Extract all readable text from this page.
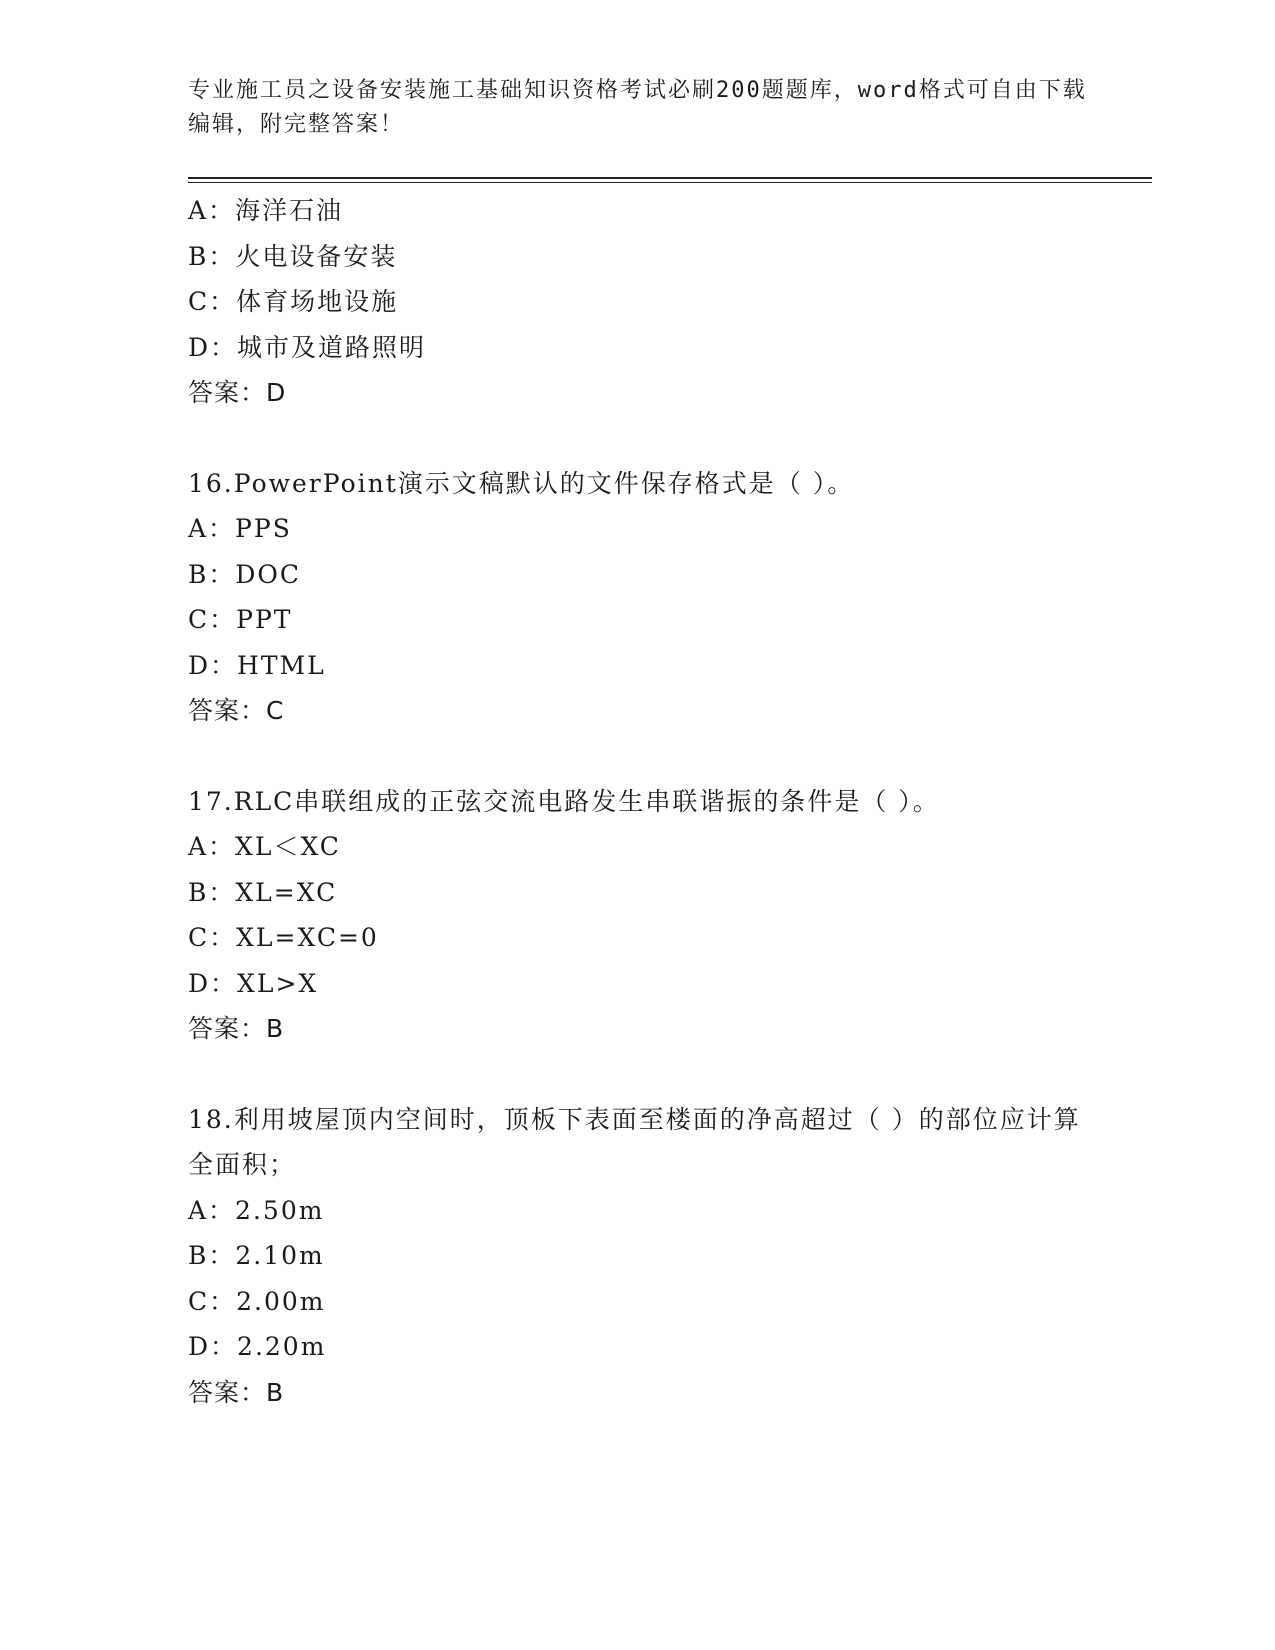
专业施工员之设备安装施工基础知识资格考试必刷200题题库，word格式可自由下载编辑，附完整答案！

A：海洋石油
B：火电设备安装
C：体育场地设施
D：城市及道路照明
答案：D
16.PowerPoint演示文稿默认的文件保存格式是（ ）。
A：PPS
B：DOC
C：PPT
D：HTML
答案：C
17.RLC串联组成的正弦交流电路发生串联谐振的条件是（ ）。
A：XL＜XC
B：XL=XC
C：XL=XC=0
D：XL>X
答案：B
18.利用坡屋顶内空间时，顶板下表面至楼面的净高超过（ ）的部位应计算全面积；
A：2.50m
B：2.10m
C：2.00m
D：2.20m
答案：B
